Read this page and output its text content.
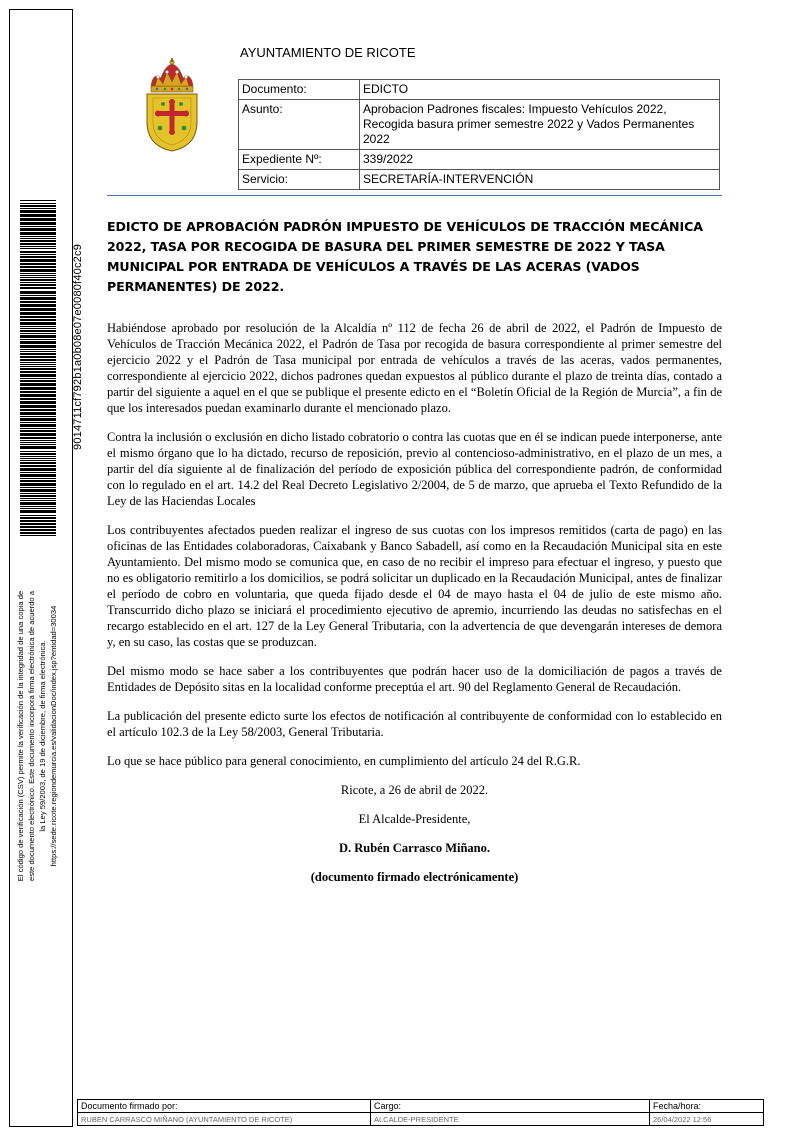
9014711cf792b1a0b08e07e0080f40c2c9
El código de verificación (CSV) permite la verificación de la integridad de una copia de este documento electrónico. Este documento incorpora firma electrónica de acuerdo a la Ley 59/2003, de 19 de diciembre, de firma electrónica. https://sede.ricote.regiondemurcia.es/validacionDoc/index.jsp?entidad=30034
AYUNTAMIENTO DE RICOTE
Documento:	EDICTO
Asunto:	Aprobacion Padrones fiscales: Impuesto Vehículos 2022, Recogida basura primer semestre 2022 y Vados Permanentes 2022
Expediente Nº:	339/2022
Servicio:	SECRETARÍA-INTERVENCIÓN
EDICTO DE APROBACIÓN PADRÓN IMPUESTO DE VEHÍCULOS DE TRACCIÓN MECÁNICA 2022, TASA POR RECOGIDA DE BASURA DEL PRIMER SEMESTRE DE 2022 Y TASA MUNICIPAL POR ENTRADA DE VEHÍCULOS A TRAVÉS DE LAS ACERAS (VADOS PERMANENTES) DE 2022.

Habiéndose aprobado por resolución de la Alcaldía nº 112 de fecha 26 de abril de 2022, el Padrón de Impuesto de Vehículos de Tracción Mecánica 2022, el Padrón de Tasa por recogida de basura correspondiente al primer semestre del ejercicio 2022 y el Padrón de Tasa municipal por entrada de vehículos a través de las aceras, vados permanentes, correspondiente al ejercicio 2022, dichos padrones quedan expuestos al público durante el plazo de treinta días, contado a partir del siguiente a aquel en el que se publique el presente edicto en el “Boletín Oficial de la Región de Murcia”, a fin de que los interesados puedan examinarlo durante el mencionado plazo.

Contra la inclusión o exclusión en dicho listado cobratorio o contra las cuotas que en él se indican puede interponerse, ante el mismo órgano que lo ha dictado, recurso de reposición, previo al contencioso-administrativo, en el plazo de un mes, a partir del día siguiente al de finalización del período de exposición pública del correspondiente padrón, de conformidad con lo regulado en el art. 14.2 del Real Decreto Legislativo 2/2004, de 5 de marzo, que aprueba el Texto Refundido de la Ley de las Haciendas Locales

Los contribuyentes afectados pueden realizar el ingreso de sus cuotas con los impresos remitidos (carta de pago) en las oficinas de las Entidades colaboradoras, Caixabank y Banco Sabadell, así como en la Recaudación Municipal sita en este Ayuntamiento. Del mismo modo se comunica que, en caso de no recibir el impreso para efectuar el ingreso, y puesto que no es obligatorio remitirlo a los domicilios, se podrá solicitar un duplicado en la Recaudación Municipal, antes de finalizar el período de cobro en voluntaria, que queda fijado desde el 04 de mayo hasta el 04 de julio de este mismo año. Transcurrido dicho plazo se iniciará el procedimiento ejecutivo de apremio, incurriendo las deudas no satisfechas en el recargo establecido en el art. 127 de la Ley General Tributaria, con la advertencia de que devengarán intereses de demora y, en su caso, las costas que se produzcan.

Del mismo modo se hace saber a los contribuyentes que podrán hacer uso de la domiciliación de pagos a través de Entidades de Depósito sitas en la localidad conforme preceptúa el art. 90 del Reglamento General de Recaudación.

La publicación del presente edicto surte los efectos de notificación al contribuyente de conformidad con lo establecido en el artículo 102.3 de la Ley 58/2003, General Tributaria.

Lo que se hace público para general conocimiento, en cumplimiento del artículo 24 del R.G.R.

Ricote, a 26 de abril de 2022.

El Alcalde-Presidente,

D. Rubén Carrasco Miñano.

(documento firmado electrónicamente)

Documento firmado por:	Cargo:	Fecha/hora:
RUBEN CARRASCO MIÑANO (AYUNTAMIENTO DE RICOTE)	ALCALDE-PRESIDENTE	26/04/2022 12:56
